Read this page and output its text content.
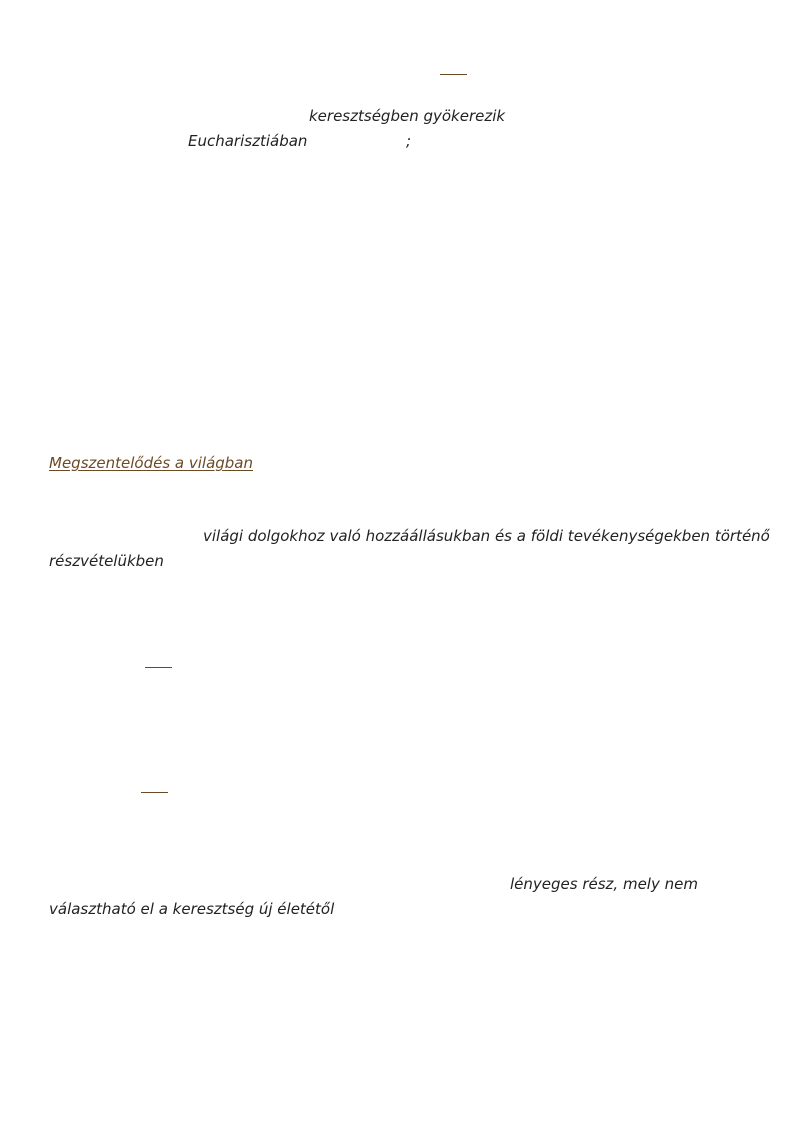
keresztségben gyökerezik
Eucharisztiában	;
Megszentelődés a világban
világi dolgokhoz való hozzáállásukban és a földi tevékenységekben történő
részvételükben
lényeges rész, mely nem
választható el a keresztség új életétől
